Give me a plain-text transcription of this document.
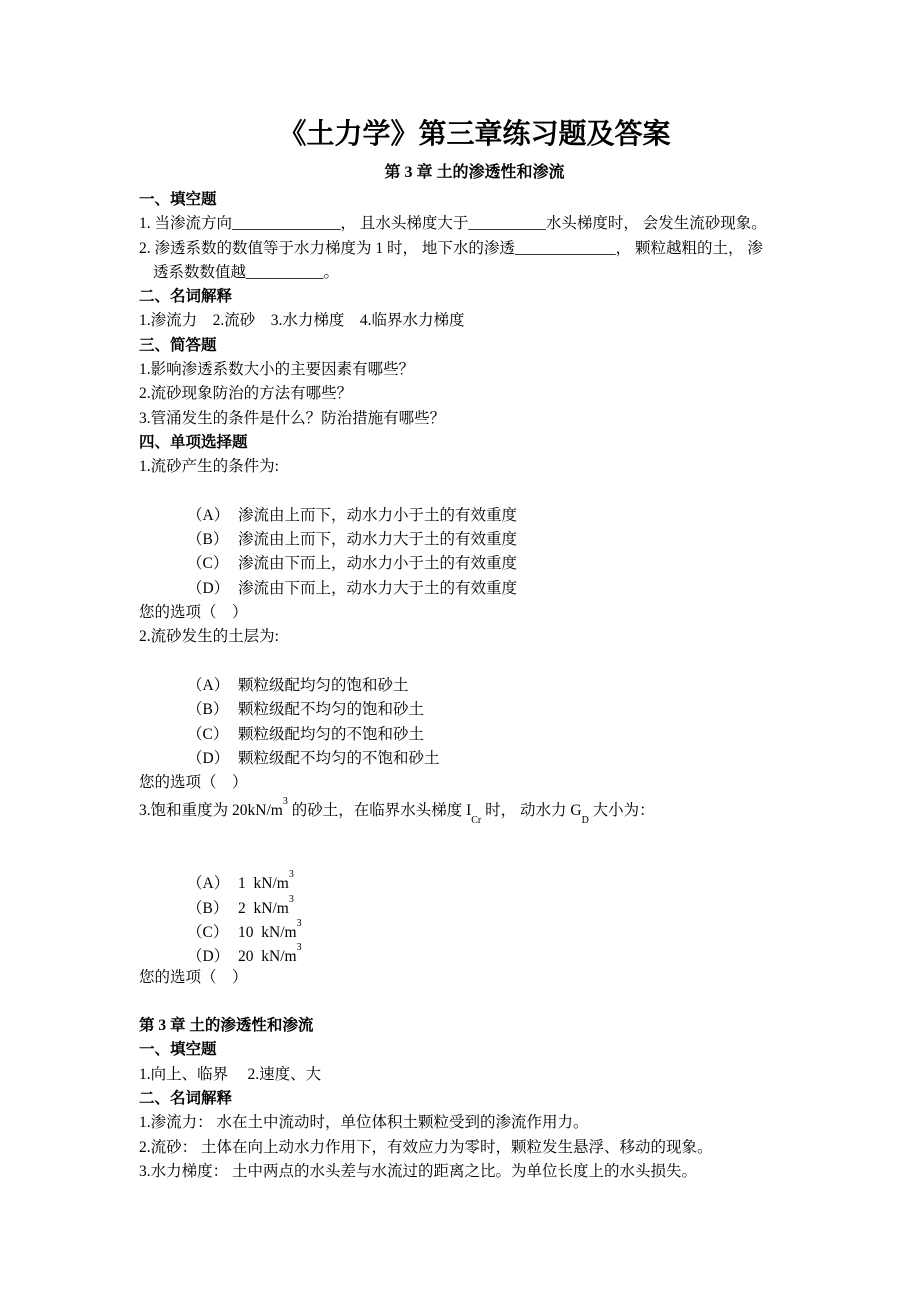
《土力学》第三章练习题及答案
第 3 章 土的渗透性和渗流
一、填空题
1. 当渗流方向______________， 且水头梯度大于__________水头梯度时， 会发生流砂现象。
2. 渗透系数的数值等于水力梯度为 1 时， 地下水的渗透_____________， 颗粒越粗的土， 渗
透系数数值越__________。
二、名词解释
1.渗流力    2.流砂    3.水力梯度    4.临界水力梯度
三、简答题
1.影响渗透系数大小的主要因素有哪些？
2.流砂现象防治的方法有哪些？
3.管涌发生的条件是什么？防治措施有哪些？
四、单项选择题
1.流砂产生的条件为:
（A） 渗流由上而下，动水力小于土的有效重度
（B） 渗流由上而下，动水力大于土的有效重度
（C） 渗流由下而上，动水力小于土的有效重度
（D） 渗流由下而上，动水力大于土的有效重度
您的选项（　）
2.流砂发生的土层为:
（A） 颗粒级配均匀的饱和砂土
（B） 颗粒级配不均匀的饱和砂土
（C） 颗粒级配均匀的不饱和砂土
（D） 颗粒级配不均匀的不饱和砂土
您的选项（　）
3.饱和重度为 $20kN/m^3$ 的砂土，在临界水头梯度 $I_{Cr}$ 时， 动水力 $G_D$ 大小为：
（A） 1  $kN/m^3$
（B） 2  $kN/m^3$
（C） 10  $kN/m^3$
（D） 20  $kN/m^3$
您的选项（　）
第 3 章 土的渗透性和渗流
一、填空题
1.向上、临界     2.速度、大
二、名词解释
1.渗流力： 水在土中流动时，单位体积土颗粒受到的渗流作用力。
2.流砂： 土体在向上动水力作用下，有效应力为零时，颗粒发生悬浮、移动的现象。
3.水力梯度： 土中两点的水头差与水流过的距离之比。为单位长度上的水头损失。
